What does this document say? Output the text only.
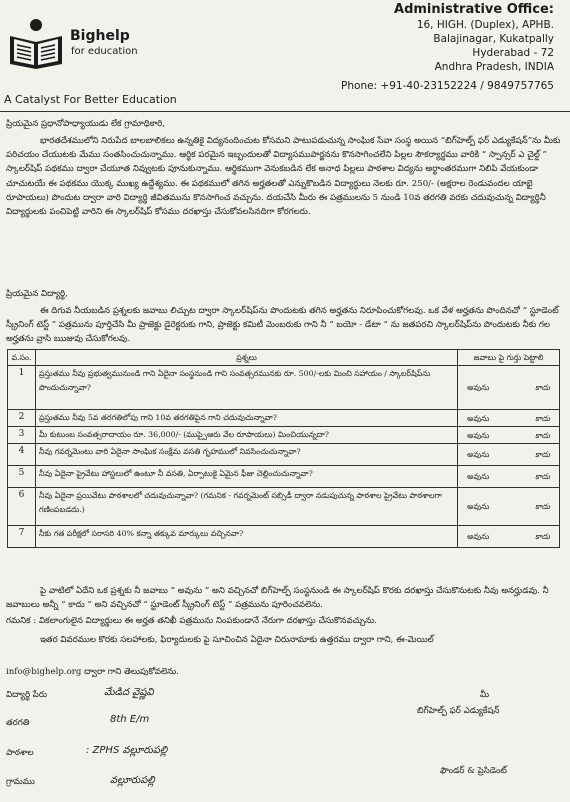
Bighelp
for education
A Catalyst For Better Education
Administrative Office:
16, HIGH. (Duplex), APHB.
Balajinagar, Kukatpally
Hyderabad - 72
Andhra Pradesh, INDIA
Phone: +91-40-23152224 / 9849757765
ప్రియమైన ప్రధానోపాధ్యాయుడు లేక గ్రామాధికారి,
భారతదేశములోని నిరుపేద బాలబాలికలు ఉన్నతికై విద్యనందించుట కోసమని పాటుపడుచున్న సాంఘిక సేవా సంస్థ అయిన “బిగ్‌హెల్ప్ ఫర్ ఎడ్యుకేషన్”ను మీకు పరిచయం చేయుటకు మేము సంతసించుచున్నాము. ఆర్థిక పరమైన ఇబ్బందులతో విద్యాసముపార్జనను కొనసాగించలేని పిల్లల సౌకర్యార్ధము వారికి “ స్పాన్సర్ ఎ చైల్డ్ ” స్కాలర్‌షిప్ పథకము ద్వారా చేయూత నివ్వుటకు పూనుకున్నాము. ఆర్థికముగా వెనుకబడిన లేక అనాధ పిల్లలు పాఠశాల విద్యను అర్థాంతరముగా నిలిపి వేయకుండా చూచుటయే ఈ పథకము యొక్క ముఖ్య ఉద్దేశ్యము. ఈ పథకములో తగిన అర్హతలతో ఎన్నుకొబడిన విద్యార్ధులు నెలకు రూ. 250/- (అక్షరాల రెండువందల యాభై రూపాయలు) పొందుట ద్వారా వారి విద్యార్థి జీవితమును కొనసాగించ వచ్చును. దయచేసి మీరు ఈ పత్రములను 5 నుండి 10వ తరగతి వరకు చదువుచున్న విద్యార్థినీ విద్యార్థులకు పంచిపెట్టి వారిని ఈ స్కాలర్‌షిప్ కోసము దరఖాస్తు చేసుకోవలసినదిగా కోరగలరు.
ప్రియమైన విద్యార్థి,
ఈ దిగువ నీయబడిన ప్రశ్నలకు జవాబు లిచ్చుట ద్వారా స్కాలర్‌షిప్‌ను పొందుటకు తగిన అర్హతను నిరూపించుకోగలవు. ఒక వేళ అర్హతను పొందినచో “ స్టూడెంట్ స్క్రీనింగ్ టెస్ట్ ” పత్రమును పూర్తిచేసి మీ ప్రాజెక్టు డైరెక్టరుకు గాని, ప్రాజెక్టు కమిటీ మెంబరుకు గాని నీ “ బయో - డేటా ” ను జతపరచి స్కాలర్‌షిప్‌ను పొందుటకు నీకు గల అర్హతను వ్రాసి ఋజువు చేసుకోగలవు.
వ.సం.	ప్రశ్నలు	జవాబు పై గుర్తు పెట్టాలి
1	ప్రస్తుతము నీవు ప్రభుత్వమునుండి గాని ఏదైనా సంస్థనుండి గాని సంవత్సరమునకు రూ. 500/-లకు మించి సహాయం / స్కాలర్‌షిప్‌ను పొందుచున్నావా?	అవును కాదు

2	ప్రస్తుతము నీవు 5వ తరగతిలోపు గాని 10వ తరగతిపైన గాని చదువుచున్నావా?	అవును కాదు

3	మీ కుటుంబ సంవత్సరాదాయం రూ. 36,000/- (ముప్పైఆరు వేల రూపాయలు) మించియున్నదా?	అవును కాదు

4	నీవు గవర్నమెంటు వారి ఏదైనా సాంఘిక సంక్షేమ వసతి గృహములో నివసించుచున్నావా?	అవును కాదు

5	నీవు ఏదైనా ప్రైవేటు హాస్టలులో ఉంటూ నీ వసతి, ఏర్పాటుకై ఏమైన ఫీజు చెల్లించుచున్నావా?	అవును కాదు

6	నీవు ఏదైనా ప్రయివేటు పాఠశాలలో చదువుచున్నావా? (గమనిక - గవర్నమెంట్ సబ్సిడీ ద్వారా నడుపుచున్న పాఠశాల ప్రైవేటు పాఠశాలగా గణింపబడదు.)	అవును కాదు

7	నీకు గత పరీక్షలో సరాసరి 40% కన్నా తక్కువ మార్కులు వచ్చినవా?	అవును కాదు
పై వాటిలో ఏదేని ఒక ప్రశ్నకు నీ జవాబు “ అవును ” అని వచ్చినచో బిగ్‌హెల్ప్ సంస్థనుండి ఈ స్కాలర్‌షిప్ కొరకు దరఖాస్తు చేసుకొనుటకు నీవు అనర్హుడవు. నీ జవాబులు అన్నీ “ కాదు ” అని వచ్చినచో “ స్టూడెంట్ స్క్రీనింగ్ టెస్ట్ ” పత్రమును పూరించవలెను.
గమనిక : వికలాంగులైన విద్యార్థులు ఈ అర్హత తనిఖీ పత్రమును నింపకుండానే నేరుగా దరఖాస్తు చేసుకొనవచ్చును.
ఇతర వివరముల కొరకు సలహాలకు, ఫిర్యాదులకు పై సూచించిన ఏదైనా చిరునామాకు ఉత్తరము ద్వారా గాని, ఈ-మెయిల్
info@bighelp.org ద్వారా గాని తెలుపుకోవలెను.
విద్యార్థి పేరు	మేడిద వైష్ణవి
తరగతి	8th E/m
పాఠశాల	: ZPHS వల్లూరుపల్లి
గ్రామము	వల్లూరుపల్లి
మీ
బిగ్‌హెల్ప్ ఫర్ ఎడ్యుకేషన్
ఫౌండర్ & ప్రెసిడెంట్
